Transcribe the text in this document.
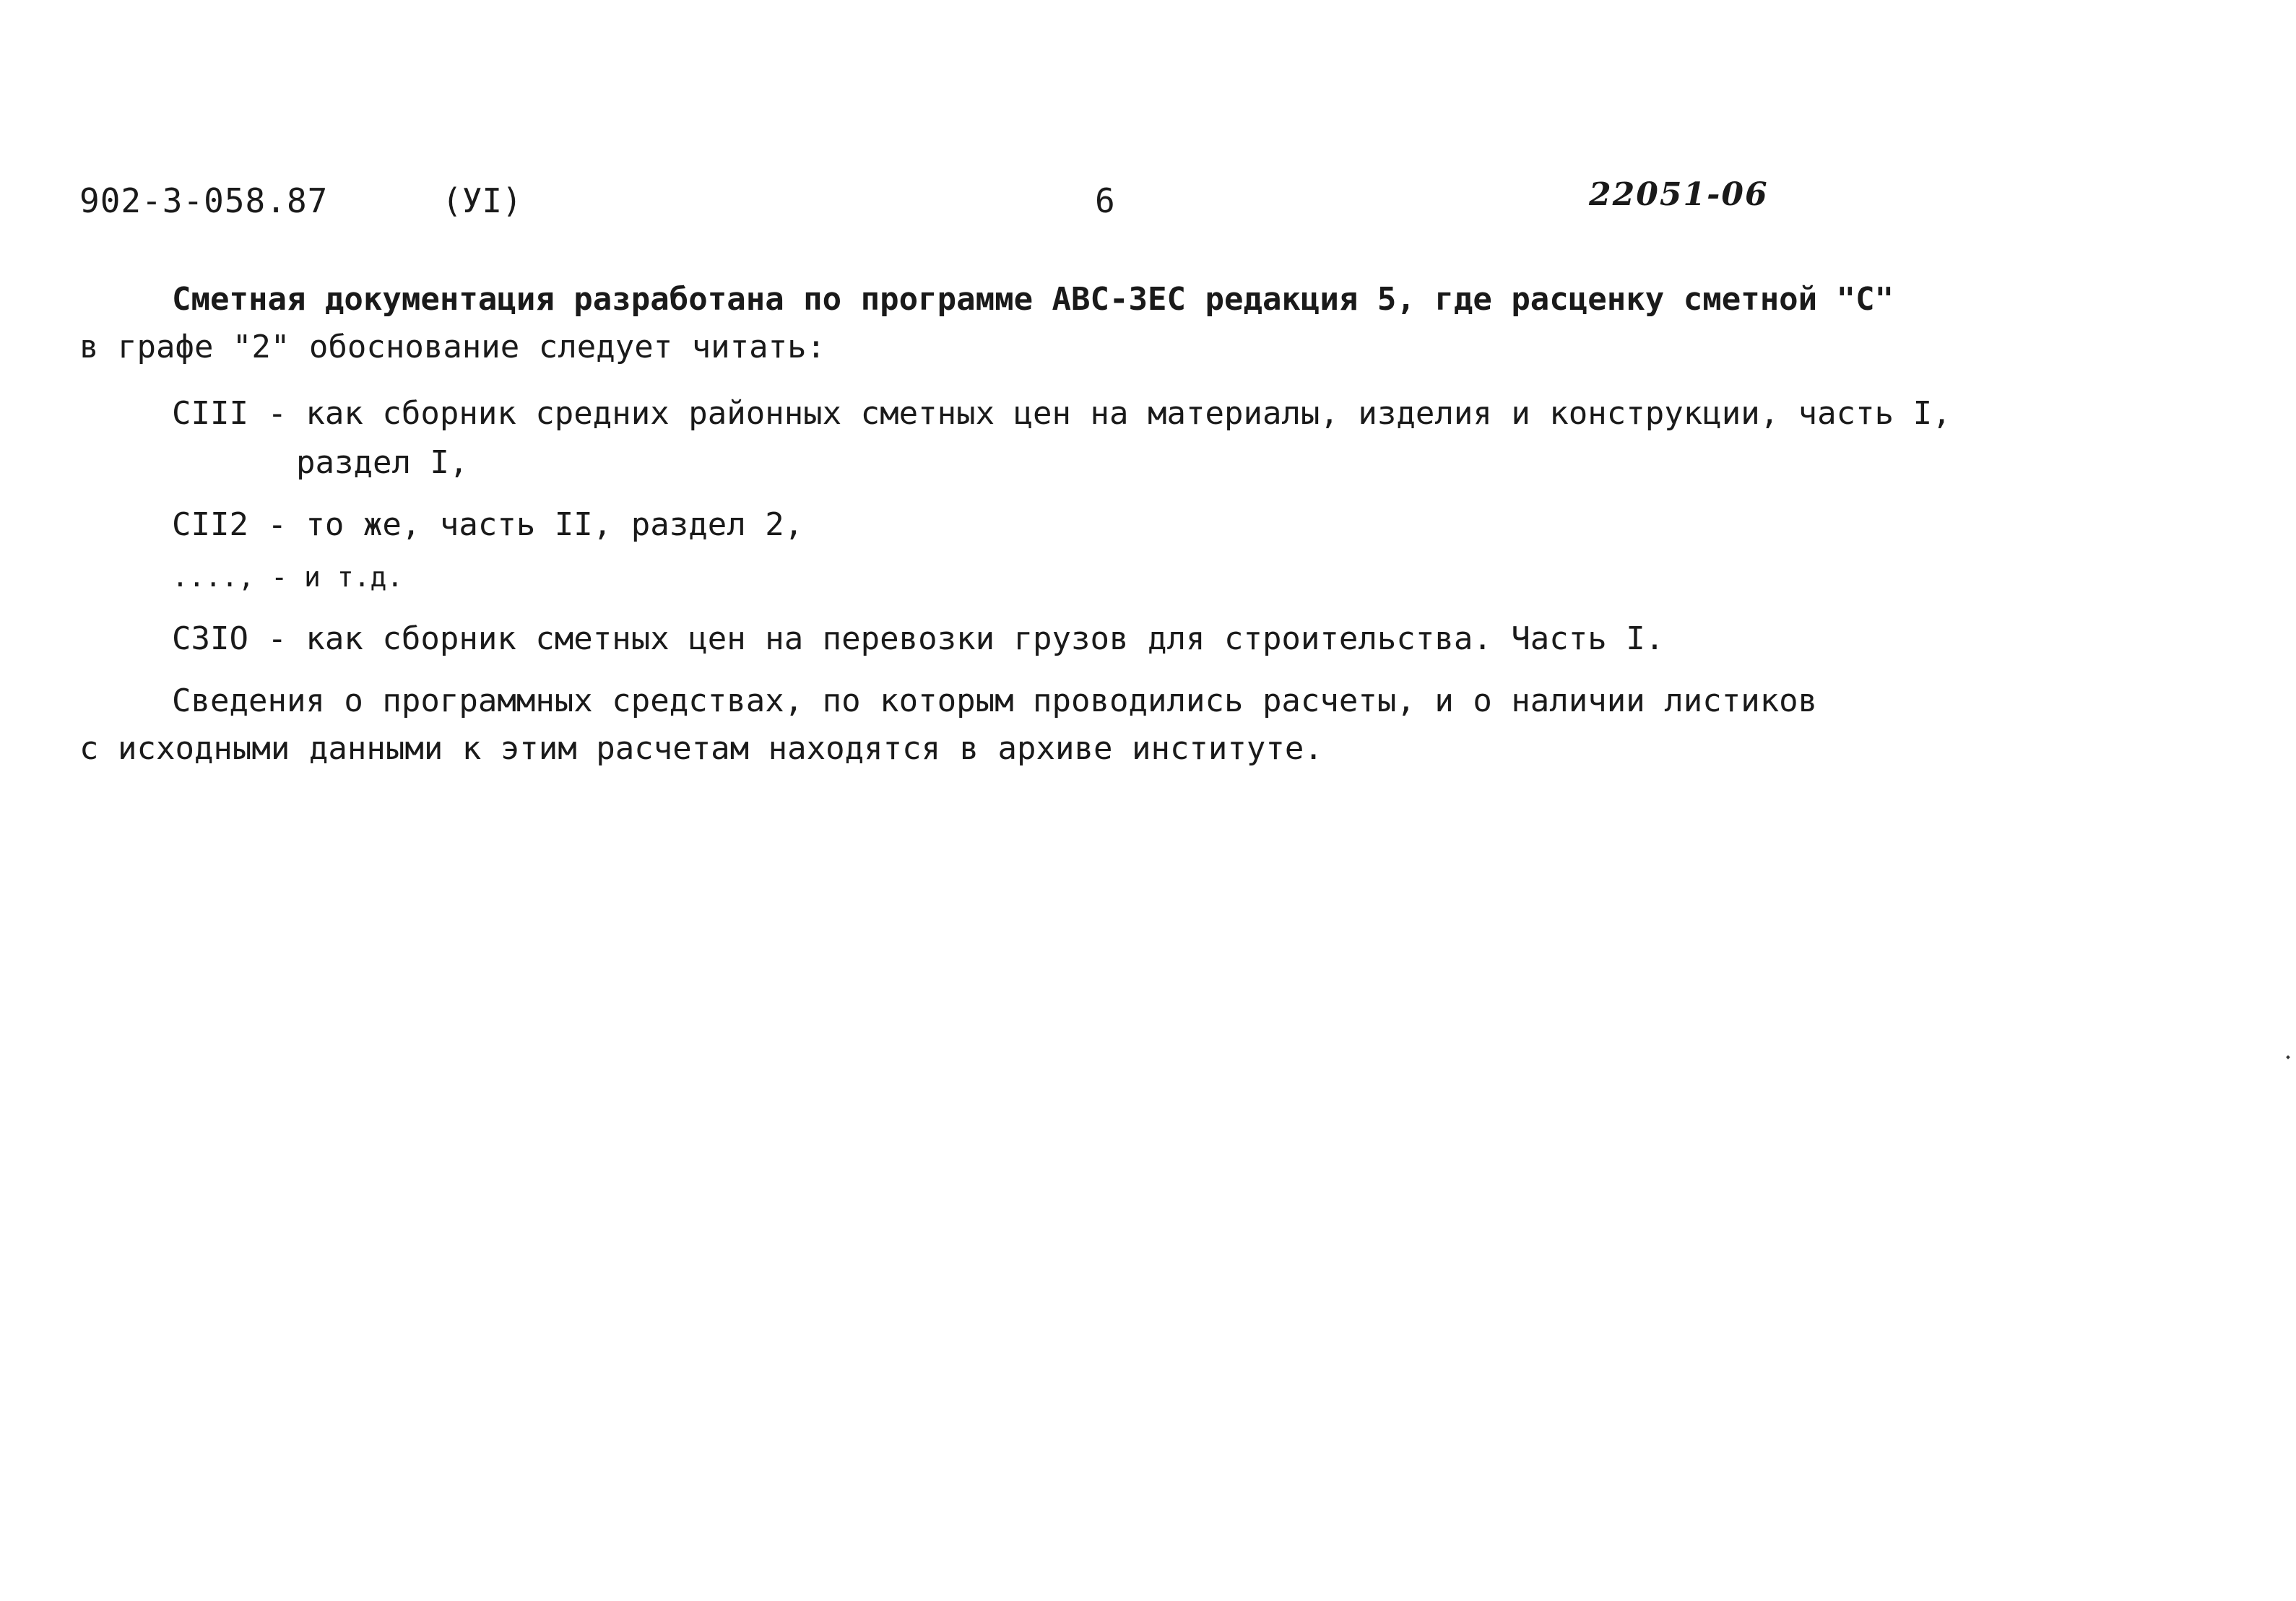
902-3-058.87	(УI)	6	22051-06
Сметная документация разработана по программе АВС-ЗЕС редакция 5, где расценку сметной "С"
в графе "2" обоснование следует читать:
СIII - как сборник средних районных сметных цен на материалы, изделия и конструкции, часть I,
раздел I,
СII2 - то же, часть II, раздел 2,
...., - и т.д.
С3IО - как сборник сметных цен на перевозки грузов для строительства. Часть I.
Сведения о программных средствах, по которым проводились расчеты, и о наличии листиков
с исходными данными к этим расчетам находятся в архиве институте.
